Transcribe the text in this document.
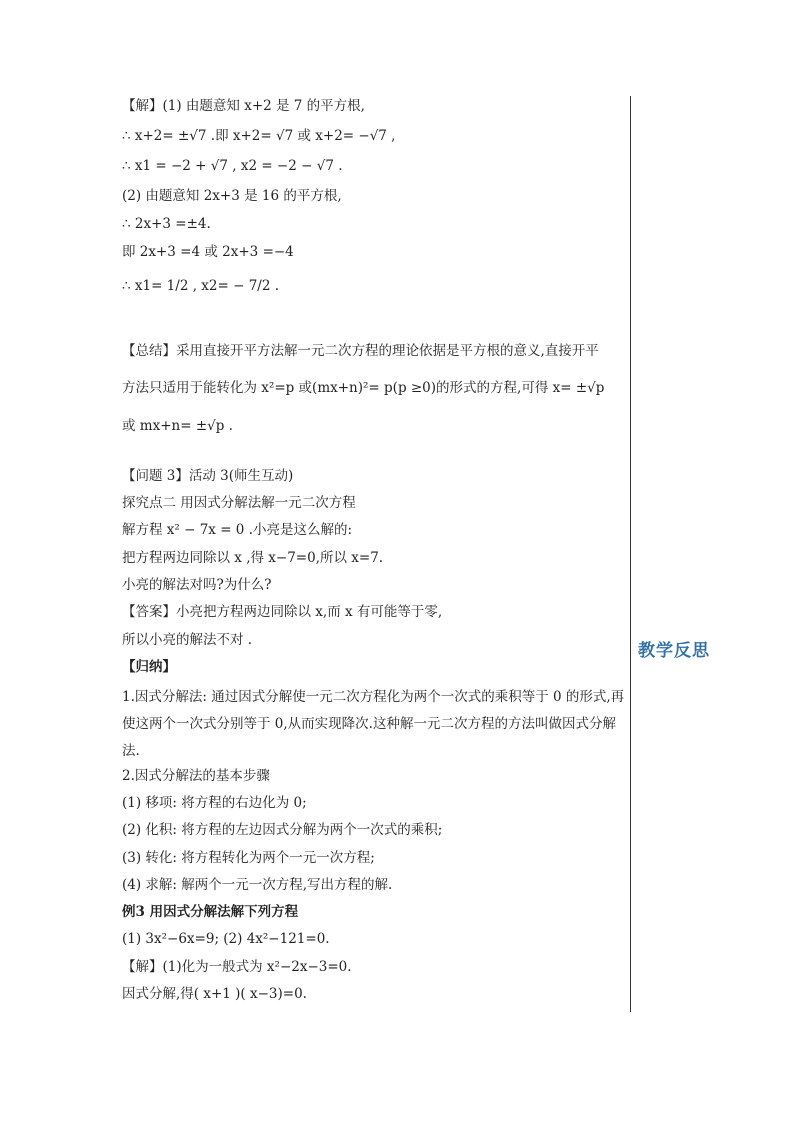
教学反思
【解】(1) 由题意知 x+2 是 7 的平方根,
∴ x+2= ±√7 .即 x+2= √7 或 x+2= −√7 ,
∴ x1 = −2 + √7 , x2 = −2 − √7 .
(2) 由题意知 2x+3 是 16 的平方根,
∴ 2x+3 =±4.
即 2x+3 =4 或 2x+3 =−4
∴ x1= 1/2 , x2= − 7/2 .
【总结】采用直接开平方法解一元二次方程的理论依据是平方根的意义,直接开平
方法只适用于能转化为 x²=p 或(mx+n)²= p(p ≥0)的形式的方程,可得 x= ±√p
或 mx+n= ±√p .
【问题 3】活动 3(师生互动)
探究点二 用因式分解法解一元二次方程
解方程 x² − 7x = 0 .小亮是这么解的:
把方程两边同除以 x ,得 x−7=0,所以 x=7.
小亮的解法对吗?为什么?
【答案】小亮把方程两边同除以 x,而 x 有可能等于零,
所以小亮的解法不对 .
【归纳】
1.因式分解法: 通过因式分解使一元二次方程化为两个一次式的乘积等于 0 的形式,再使这两个一次式分别等于 0,从而实现降次.这种解一元二次方程的方法叫做因式分解法.
2.因式分解法的基本步骤
(1) 移项: 将方程的右边化为 0;
(2) 化积: 将方程的左边因式分解为两个一次式的乘积;
(3) 转化: 将方程转化为两个一元一次方程;
(4) 求解: 解两个一元一次方程,写出方程的解.
例3 用因式分解法解下列方程
(1) 3x²−6x=9; (2) 4x²−121=0.
【解】(1)化为一般式为 x²−2x−3=0.
因式分解,得( x+1 )( x−3)=0.
